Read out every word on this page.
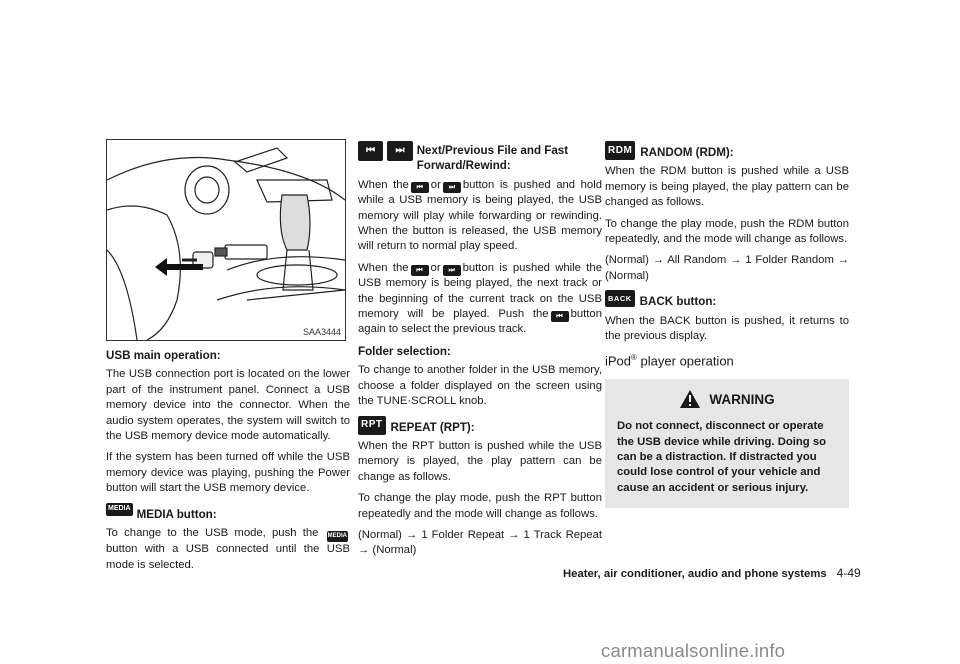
SAA3444
USB main operation:

The USB connection port is located on the lower part of the instrument panel. Connect a USB memory device into the connector. When the audio system operates, the system will switch to the USB memory device mode automatically.

If the system has been turned off while the USB memory device was playing, pushing the Power button will start the USB memory device.

MEDIA MEDIA button:

To change to the USB mode, push the MEDIA button with a USB connected until the USB mode is selected.

⏮	⏭	Next/Previous File and Fast Forward/Rewind:

When the ⏮ or ⏭ button is pushed and hold while a USB memory is being played, the USB memory will play while forwarding or rewinding. When the button is released, the USB memory will return to normal play speed.

When the ⏮ or ⏭ button is pushed while the USB memory is being played, the next track or the beginning of the current track on the USB memory will be played. Push the ⏮ button again to select the previous track.

Folder selection:

To change to another folder in the USB memory, choose a folder displayed on the screen using the TUNE·SCROLL knob.

RPT REPEAT (RPT):

When the RPT button is pushed while the USB memory is played, the play pattern can be change as follows.

To change the play mode, push the RPT button repeatedly and the mode will change as follows.

(Normal) → 1 Folder Repeat → 1 Track Repeat → (Normal)

RDM RANDOM (RDM):

When the RDM button is pushed while a USB memory is being played, the play pattern can be changed as follows.

To change the play mode, push the RDM button repeatedly, and the mode will change as follows.

(Normal) → All Random → 1 Folder Random → (Normal)

BACK BACK button:

When the BACK button is pushed, it returns to the previous display.

iPod® player operation
WARNING
Do not connect, disconnect or operate the USB device while driving. Doing so can be a distraction. If distracted you could lose control of your vehicle and cause an accident or serious injury.
Heater, air conditioner, audio and phone systems 4-49
carmanualsonline.info
